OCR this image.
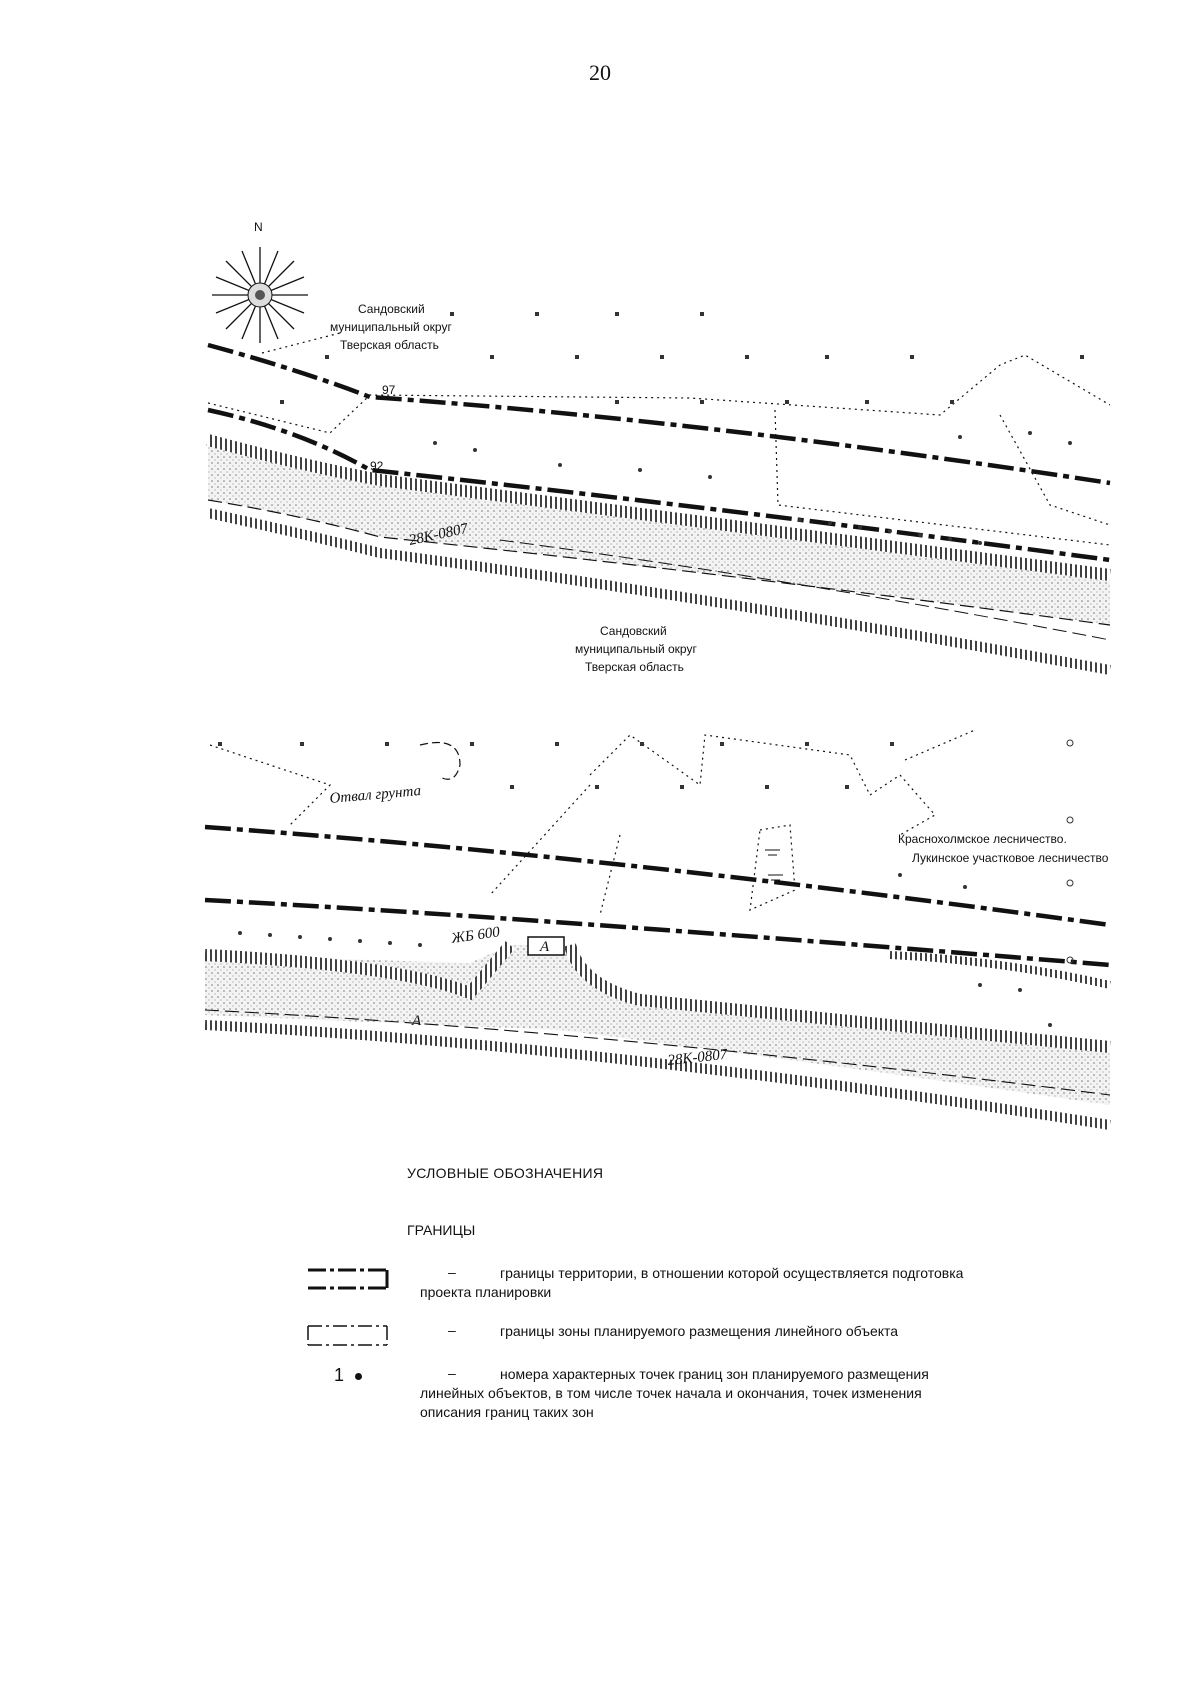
20
N
Сандовский
муниципальный округ
Тверская область
97
92
28К-0807
Сандовский
муниципальный округ
Тверская область
Отвал грунта
Краснохолмское лесничество.
Лукинское участковое лесничество
ЖБ 600
28К-0807
А
А
УСЛОВНЫЕ ОБОЗНАЧЕНИЯ
ГРАНИЦЫ
–	границы территории, в отношении которой осуществляется подготовка проекта планировки
–	границы зоны планируемого размещения линейного объекта
1	–	номера характерных точек границ зон планируемого размещения линейных объектов, в том числе точек начала и окончания, точек изменения описания границ таких зон
